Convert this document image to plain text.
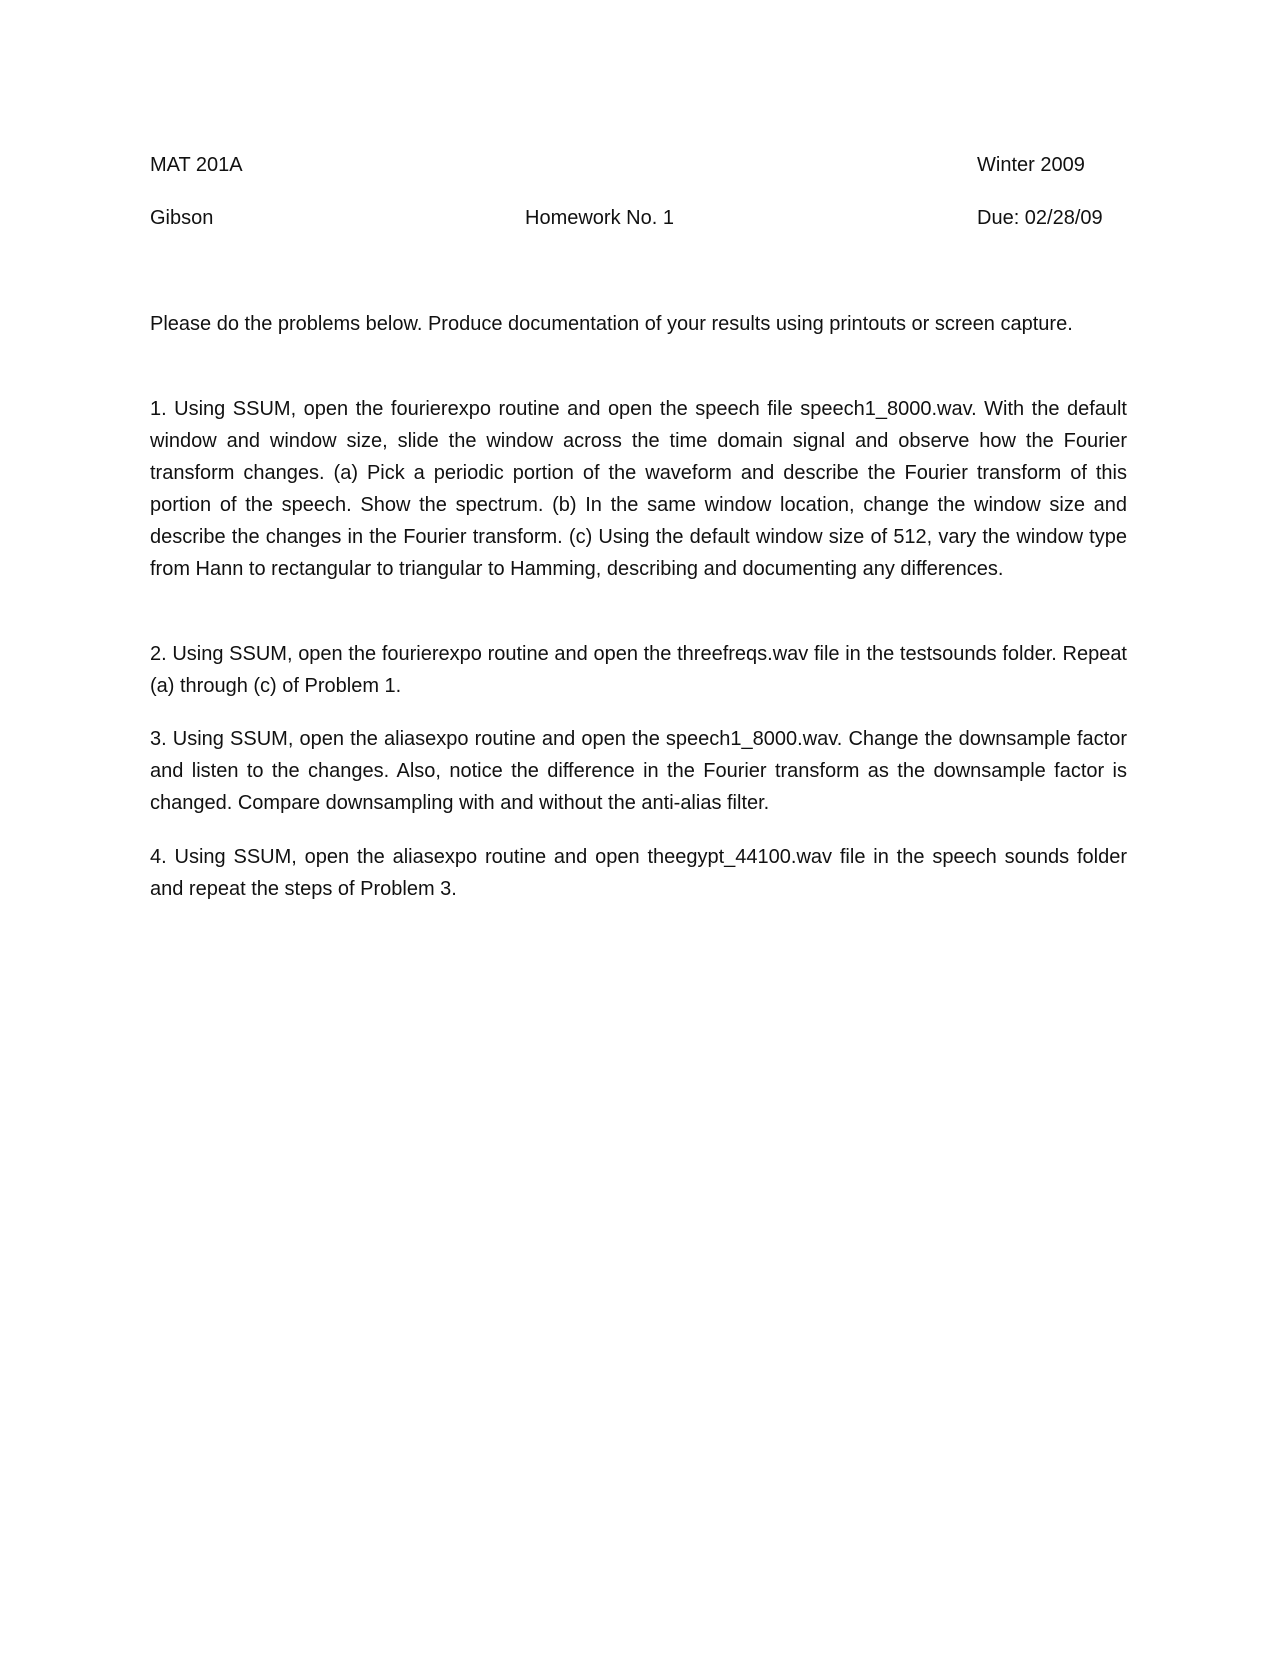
MAT 201A	Winter 2009
Gibson	Homework No. 1	Due: 02/28/09

Please do the problems below. Produce documentation of your results using printouts or screen capture.

1. Using SSUM, open the fourierexpo routine and open the speech file speech1_8000.wav. With the default window and window size, slide the window across the time domain signal and observe how the Fourier transform changes. (a) Pick a periodic portion of the waveform and describe the Fourier transform of this portion of the speech. Show the spectrum. (b) In the same window location, change the window size and describe the changes in the Fourier transform. (c) Using the default window size of 512, vary the window type from Hann to rectangular to triangular to Hamming, describing and documenting any differences.

2. Using SSUM, open the fourierexpo routine and open the threefreqs.wav file in the testsounds folder. Repeat (a) through (c) of Problem 1.

3. Using SSUM, open the aliasexpo routine and open the speech1_8000.wav. Change the downsample factor and listen to the changes. Also, notice the difference in the Fourier transform as the downsample factor is changed. Compare downsampling with and without the anti-alias filter.

4. Using SSUM, open the aliasexpo routine and open theegypt_44100.wav file in the speech sounds folder and repeat the steps of Problem 3.
